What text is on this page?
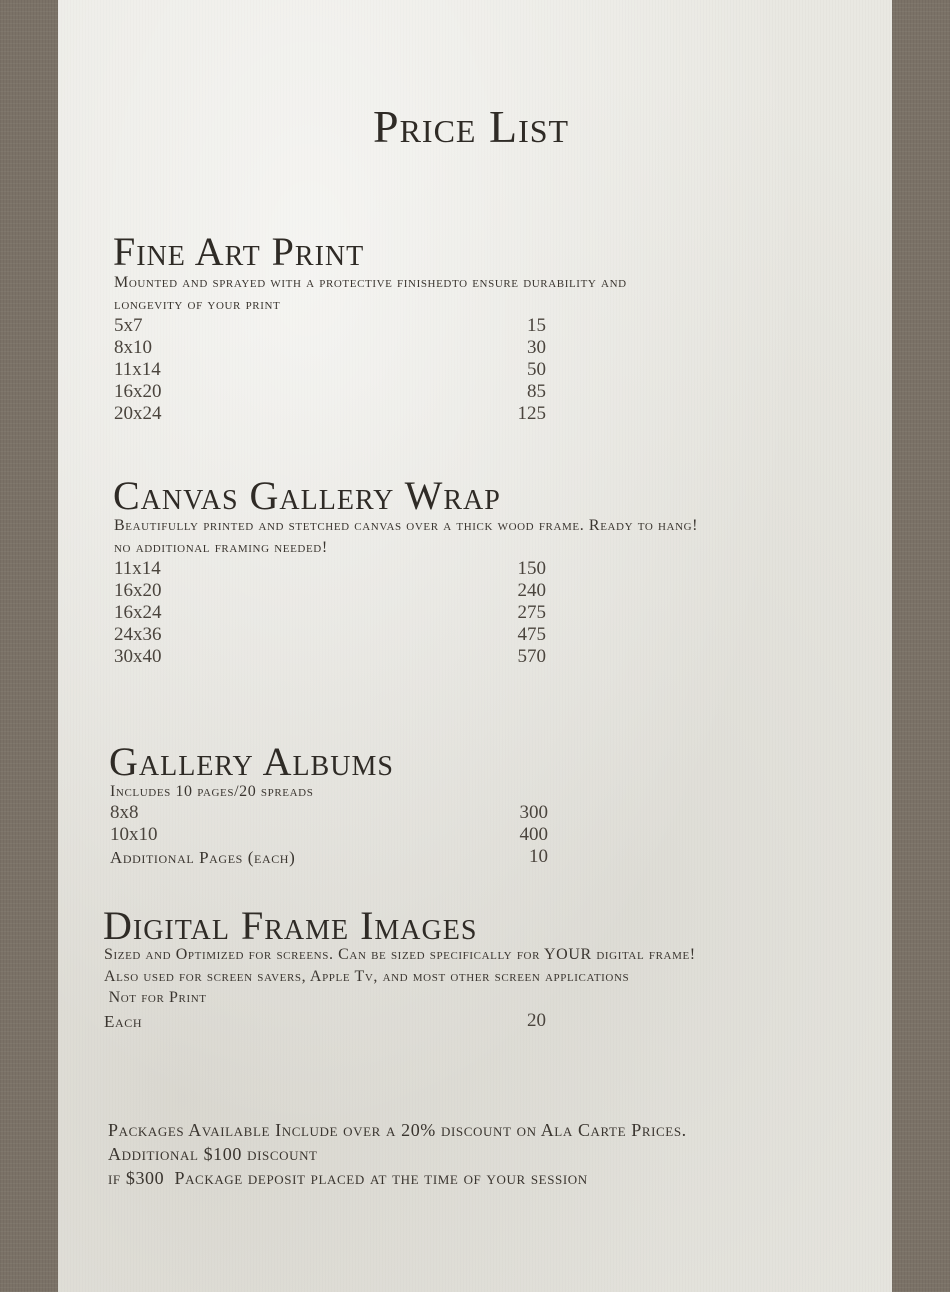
Price List
Fine Art Print
Mounted and sprayed with a protective finishedto ensure durability and
longevity of your print
5x7	15
8x10	30
11x14	50
16x20	85
20x24	125
Canvas Gallery Wrap
Beautifully printed and stetched canvas over a thick wood frame. Ready to hang!
no additional framing needed!
11x14	150
16x20	240
16x24	275
24x36	475
30x40	570
Gallery Albums
Includes 10 pages/20 spreads
8x8	300
10x10	400
Additional Pages (each)	10
Digital Frame Images
Sized and Optimized for screens. Can be sized specifically for YOUR digital frame!
Also used for screen savers, Apple Tv, and most other screen applications
Not for Print
Each	20
Packages Available Include over a 20% discount on Ala Carte Prices.
Additional $100 discount
if $300  Package deposit placed at the time of your session
